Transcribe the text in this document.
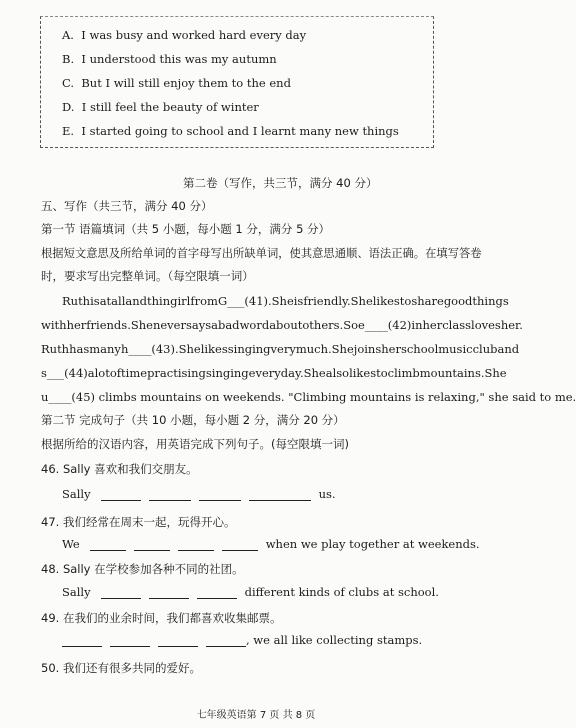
A. I was busy and worked hard every day
B. I understood this was my autumn
C. But I will still enjoy them to the end
D. I still feel the beauty of winter
E. I started going to school and I learnt many new things
第二卷（写作，共三节，满分 40 分）
五、写作（共三节，满分 40 分）
第一节 语篇填词（共 5 小题，每小题 1 分，满分 5 分）
根据短文意思及所给单词的首字母写出所缺单词，使其意思通顺、语法正确。在填写答卷
时，要求写出完整单词。（每空限填一词）
Ruth is a tall and thin girl from G___(41). She is friendly. She likes to share good things
with her friends. She never says a bad word about others. So e____(42) in her class loves her.
Ruth has many h____(43). She likes singing very much. She joins her school music club and
s___(44) a lot of time practising singing every day. She also likes to climb mountains. She
u____(45) climbs mountains on weekends. "Climbing mountains is relaxing," she said to me.
第二节 完成句子（共 10 小题，每小题 2 分，满分 20 分）
根据所给的汉语内容，用英语完成下列句子。(每空限填一词)
46. Sally 喜欢和我们交朋友。
Sally	us.
47. 我们经常在周末一起，玩得开心。
We	when we play together at weekends.
48. Sally 在学校参加各种不同的社团。
Sally	different kinds of clubs at school.
49. 在我们的业余时间，我们都喜欢收集邮票。
, we all like collecting stamps.
50. 我们还有很多共同的爱好。
七年级英语第 7 页 共 8 页
